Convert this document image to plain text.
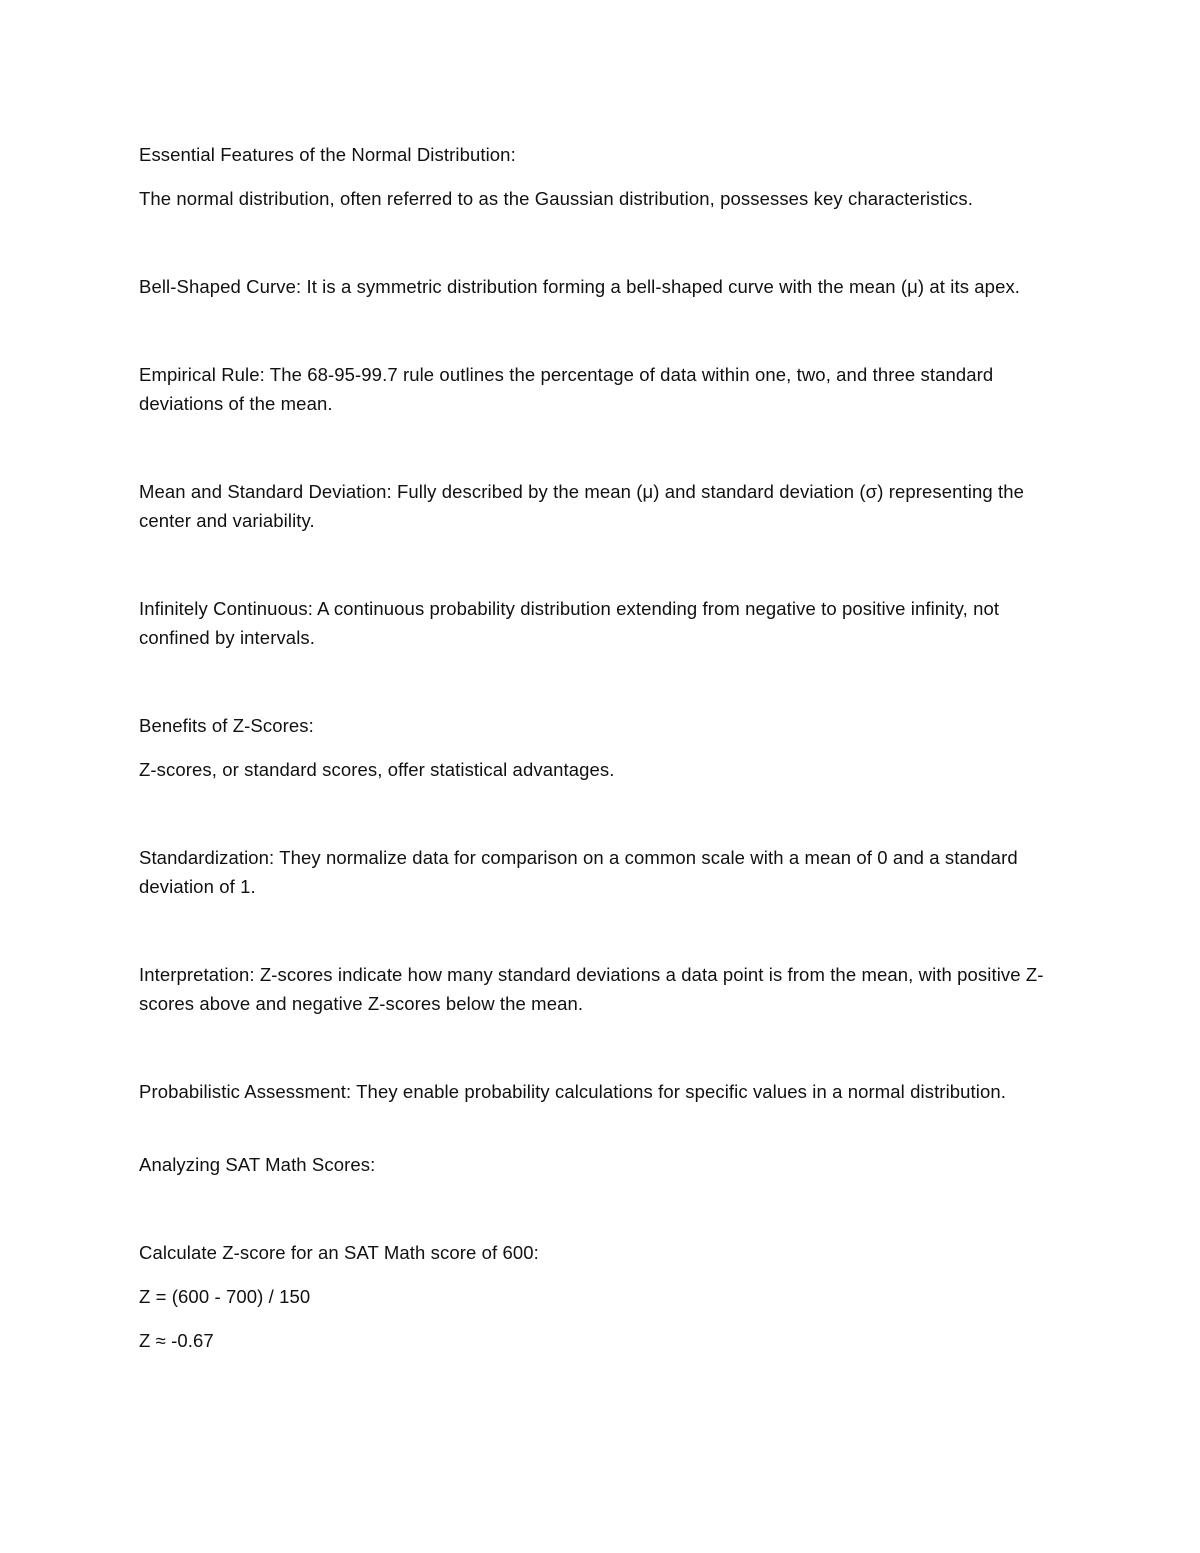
Essential Features of the Normal Distribution:

The normal distribution, often referred to as the Gaussian distribution, possesses key characteristics.

Bell-Shaped Curve: It is a symmetric distribution forming a bell-shaped curve with the mean (μ) at its apex.

Empirical Rule: The 68-95-99.7 rule outlines the percentage of data within one, two, and three standard deviations of the mean.

Mean and Standard Deviation: Fully described by the mean (μ) and standard deviation (σ) representing the center and variability.

Infinitely Continuous: A continuous probability distribution extending from negative to positive infinity, not confined by intervals.

Benefits of Z-Scores:

Z-scores, or standard scores, offer statistical advantages.

Standardization: They normalize data for comparison on a common scale with a mean of 0 and a standard deviation of 1.

Interpretation: Z-scores indicate how many standard deviations a data point is from the mean, with positive Z-scores above and negative Z-scores below the mean.

Probabilistic Assessment: They enable probability calculations for specific values in a normal distribution.

Analyzing SAT Math Scores:

Calculate Z-score for an SAT Math score of 600:

Z = (600 - 700) / 150

Z ≈ -0.67
